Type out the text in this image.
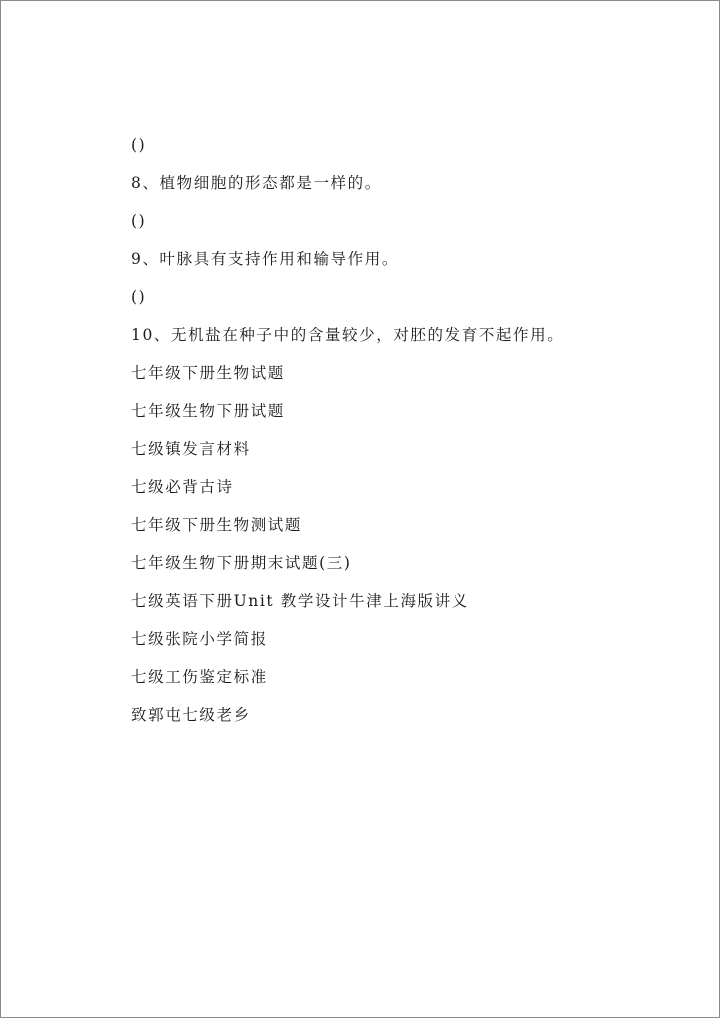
()
8、植物细胞的形态都是一样的。
()
9、叶脉具有支持作用和输导作用。
()
10、无机盐在种子中的含量较少，对胚的发育不起作用。
七年级下册生物试题
七年级生物下册试题
七级镇发言材料
七级必背古诗
七年级下册生物测试题
七年级生物下册期末试题(三)
七级英语下册Unit 教学设计牛津上海版讲义
七级张院小学简报
七级工伤鉴定标准
致郭屯七级老乡
